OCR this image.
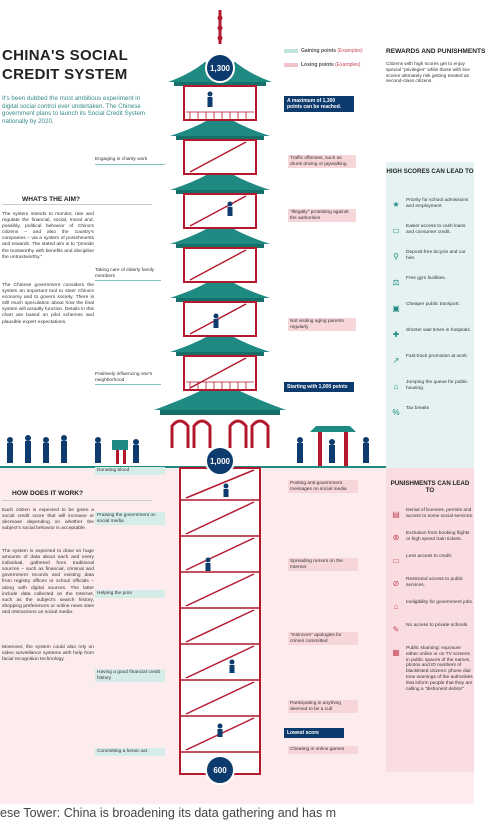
CHINA'S SOCIAL
CREDIT SYSTEM
It's been dubbed the most ambitious experiment in digital social control ever undertaken. The Chinese government plans to launch its Social Credit System nationally by 2020.
Gaining points (Examples)
Losing points (Examples)
WHAT'S THE AIM?
The system intends to monitor, rate and regulate the financial, social, moral and, possibly, political behavior of China's citizens – and also the country's companies – via a system of punishments and rewards. The stated aim is to "provide the trustworthy with benefits and discipline the untrustworthy."
The Chinese government considers the system an important tool to steer China's economy and to govern society. There is still much speculation about how the final system will actually function. Details in this chart are based on pilot schemes and plausible expert expectations.
REWARDS AND PUNISHMENTS
Citizens with high scores get to enjoy special "privileges" while those with low scores ultimately risk getting treated as second-class citizens.
1,300
1,000
600
A maximum of 1,300 points can be reached.
Starting with 1,000 points
Lowest score
Engaging in charity work
Taking care of elderly family members
Positively influencing one's neighborhood
Donating blood
Praising the government on social media
Helping the poor
Having a good financial credit history
Committing a heroic act
Traffic offenses, such as drunk driving or jaywalking
"Illegally" protesting against the authorities
Not visiting aging parents regularly
Posting anti-government messages on social media
Spreading rumors on the Internet
"Insincere" apologies for crimes committed
Participating in anything deemed to be a cult
Cheating in online games
HOW DOES IT WORK?
Each citizen is expected to be given a social credit score that will increase or decrease depending on whether the subject's social behavior is acceptable.
The system is expected to draw on huge amounts of data about each and every individual, gathered from traditional sources – such as financial, criminal and government records and existing data from registry offices or school officials – along with digital sources. The latter include data collected on the Internet, such as the subject's search history, shopping preferences or online news sites and interactions on social media.
Moreover, the system could also rely on video surveillance systems with help from facial recognition technology.
HIGH SCORES CAN LEAD TO
★	Priority for school admissions and employment
▭	Easier access to cash loans and consumer credit.
⚲	Deposit-free bicycle and car hire.
⚖	Free gym facilities.
▣	Cheaper public transport.
✚	Shorter wait times in hospitals.
↗	Fast-track promotion at work.
⌂	Jumping the queue for public housing.
%	Tax breaks
PUNISHMENTS CAN LEAD TO
▤	Denial of licenses, permits and access to some social services.
⊗	Exclusion from booking flights or high speed train tickets.
▭	Less access to credit.
⊘	Restricted access to public services.
⌂	Ineligibility for government jobs.
✎	No access to private schools.
▦	Public shaming: exposure either online or on TV screens in public spaces of the names, photos and ID numbers of blacklisted citizens: phone dial tone warnings of the authorities that inform people that they are calling a "dishonest debtor"
ese Tower: China is broadening its data gathering and has m
